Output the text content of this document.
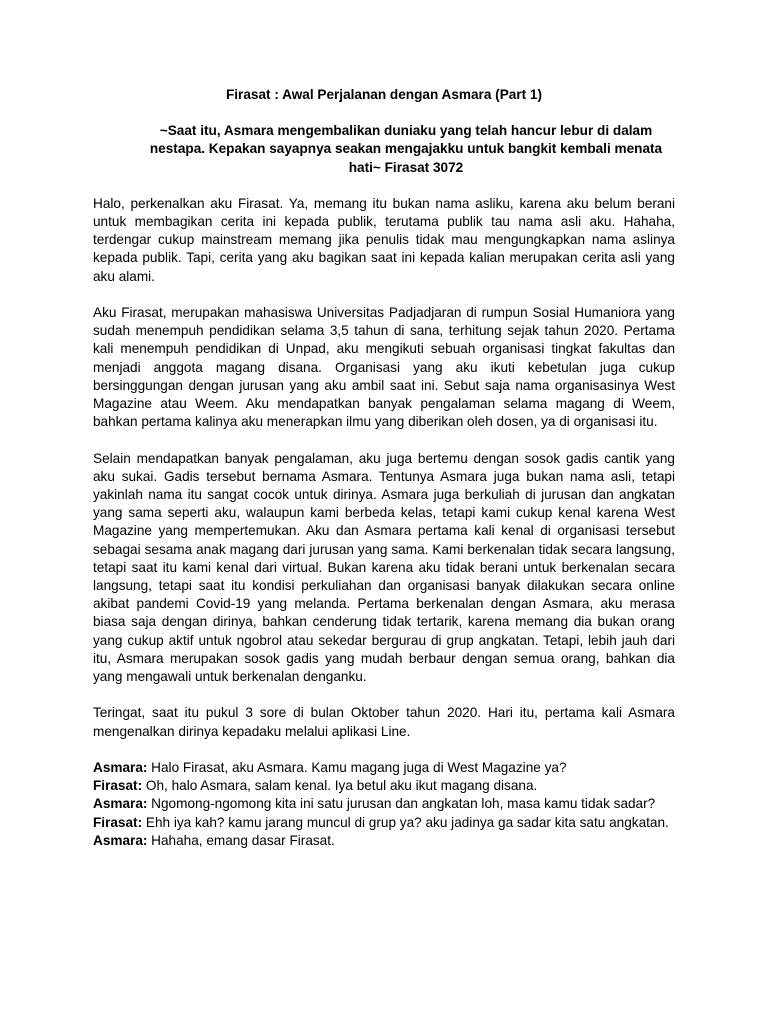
Firasat : Awal Perjalanan dengan Asmara (Part 1)
~Saat itu, Asmara mengembalikan duniaku yang telah hancur lebur di dalam nestapa. Kepakan sayapnya seakan mengajakku untuk bangkit kembali menata hati~ Firasat 3072

Halo, perkenalkan aku Firasat. Ya, memang itu bukan nama asliku, karena aku belum berani untuk membagikan cerita ini kepada publik, terutama publik tau nama asli aku. Hahaha, terdengar cukup mainstream memang jika penulis tidak mau mengungkapkan nama aslinya kepada publik. Tapi, cerita yang aku bagikan saat ini kepada kalian merupakan cerita asli yang aku alami.

Aku Firasat, merupakan mahasiswa Universitas Padjadjaran di rumpun Sosial Humaniora yang sudah menempuh pendidikan selama 3,5 tahun di sana, terhitung sejak tahun 2020. Pertama kali menempuh pendidikan di Unpad, aku mengikuti sebuah organisasi tingkat fakultas dan menjadi anggota magang disana. Organisasi yang aku ikuti kebetulan juga cukup bersinggungan dengan jurusan yang aku ambil saat ini. Sebut saja nama organisasinya West Magazine atau Weem. Aku mendapatkan banyak pengalaman selama magang di Weem, bahkan pertama kalinya aku menerapkan ilmu yang diberikan oleh dosen, ya di organisasi itu.

Selain mendapatkan banyak pengalaman, aku juga bertemu dengan sosok gadis cantik yang aku sukai. Gadis tersebut bernama Asmara. Tentunya Asmara juga bukan nama asli, tetapi yakinlah nama itu sangat cocok untuk dirinya. Asmara juga berkuliah di jurusan dan angkatan yang sama seperti aku, walaupun kami berbeda kelas, tetapi kami cukup kenal karena West Magazine yang mempertemukan. Aku dan Asmara pertama kali kenal di organisasi tersebut sebagai sesama anak magang dari jurusan yang sama. Kami berkenalan tidak secara langsung, tetapi saat itu kami kenal dari virtual. Bukan karena aku tidak berani untuk berkenalan secara langsung, tetapi saat itu kondisi perkuliahan dan organisasi banyak dilakukan secara online akibat pandemi Covid-19 yang melanda. Pertama berkenalan dengan Asmara, aku merasa biasa saja dengan dirinya, bahkan cenderung tidak tertarik, karena memang dia bukan orang yang cukup aktif untuk ngobrol atau sekedar bergurau di grup angkatan. Tetapi, lebih jauh dari itu, Asmara merupakan sosok gadis yang mudah berbaur dengan semua orang, bahkan dia yang mengawali untuk berkenalan denganku.

Teringat, saat itu pukul 3 sore di bulan Oktober tahun 2020. Hari itu, pertama kali Asmara mengenalkan dirinya kepadaku melalui aplikasi Line.

Asmara: Halo Firasat, aku Asmara. Kamu magang juga di West Magazine ya?

Firasat: Oh, halo Asmara, salam kenal. Iya betul aku ikut magang disana.

Asmara: Ngomong-ngomong kita ini satu jurusan dan angkatan loh, masa kamu tidak sadar?

Firasat: Ehh iya kah? kamu jarang muncul di grup ya? aku jadinya ga sadar kita satu angkatan.

Asmara: Hahaha, emang dasar Firasat.
